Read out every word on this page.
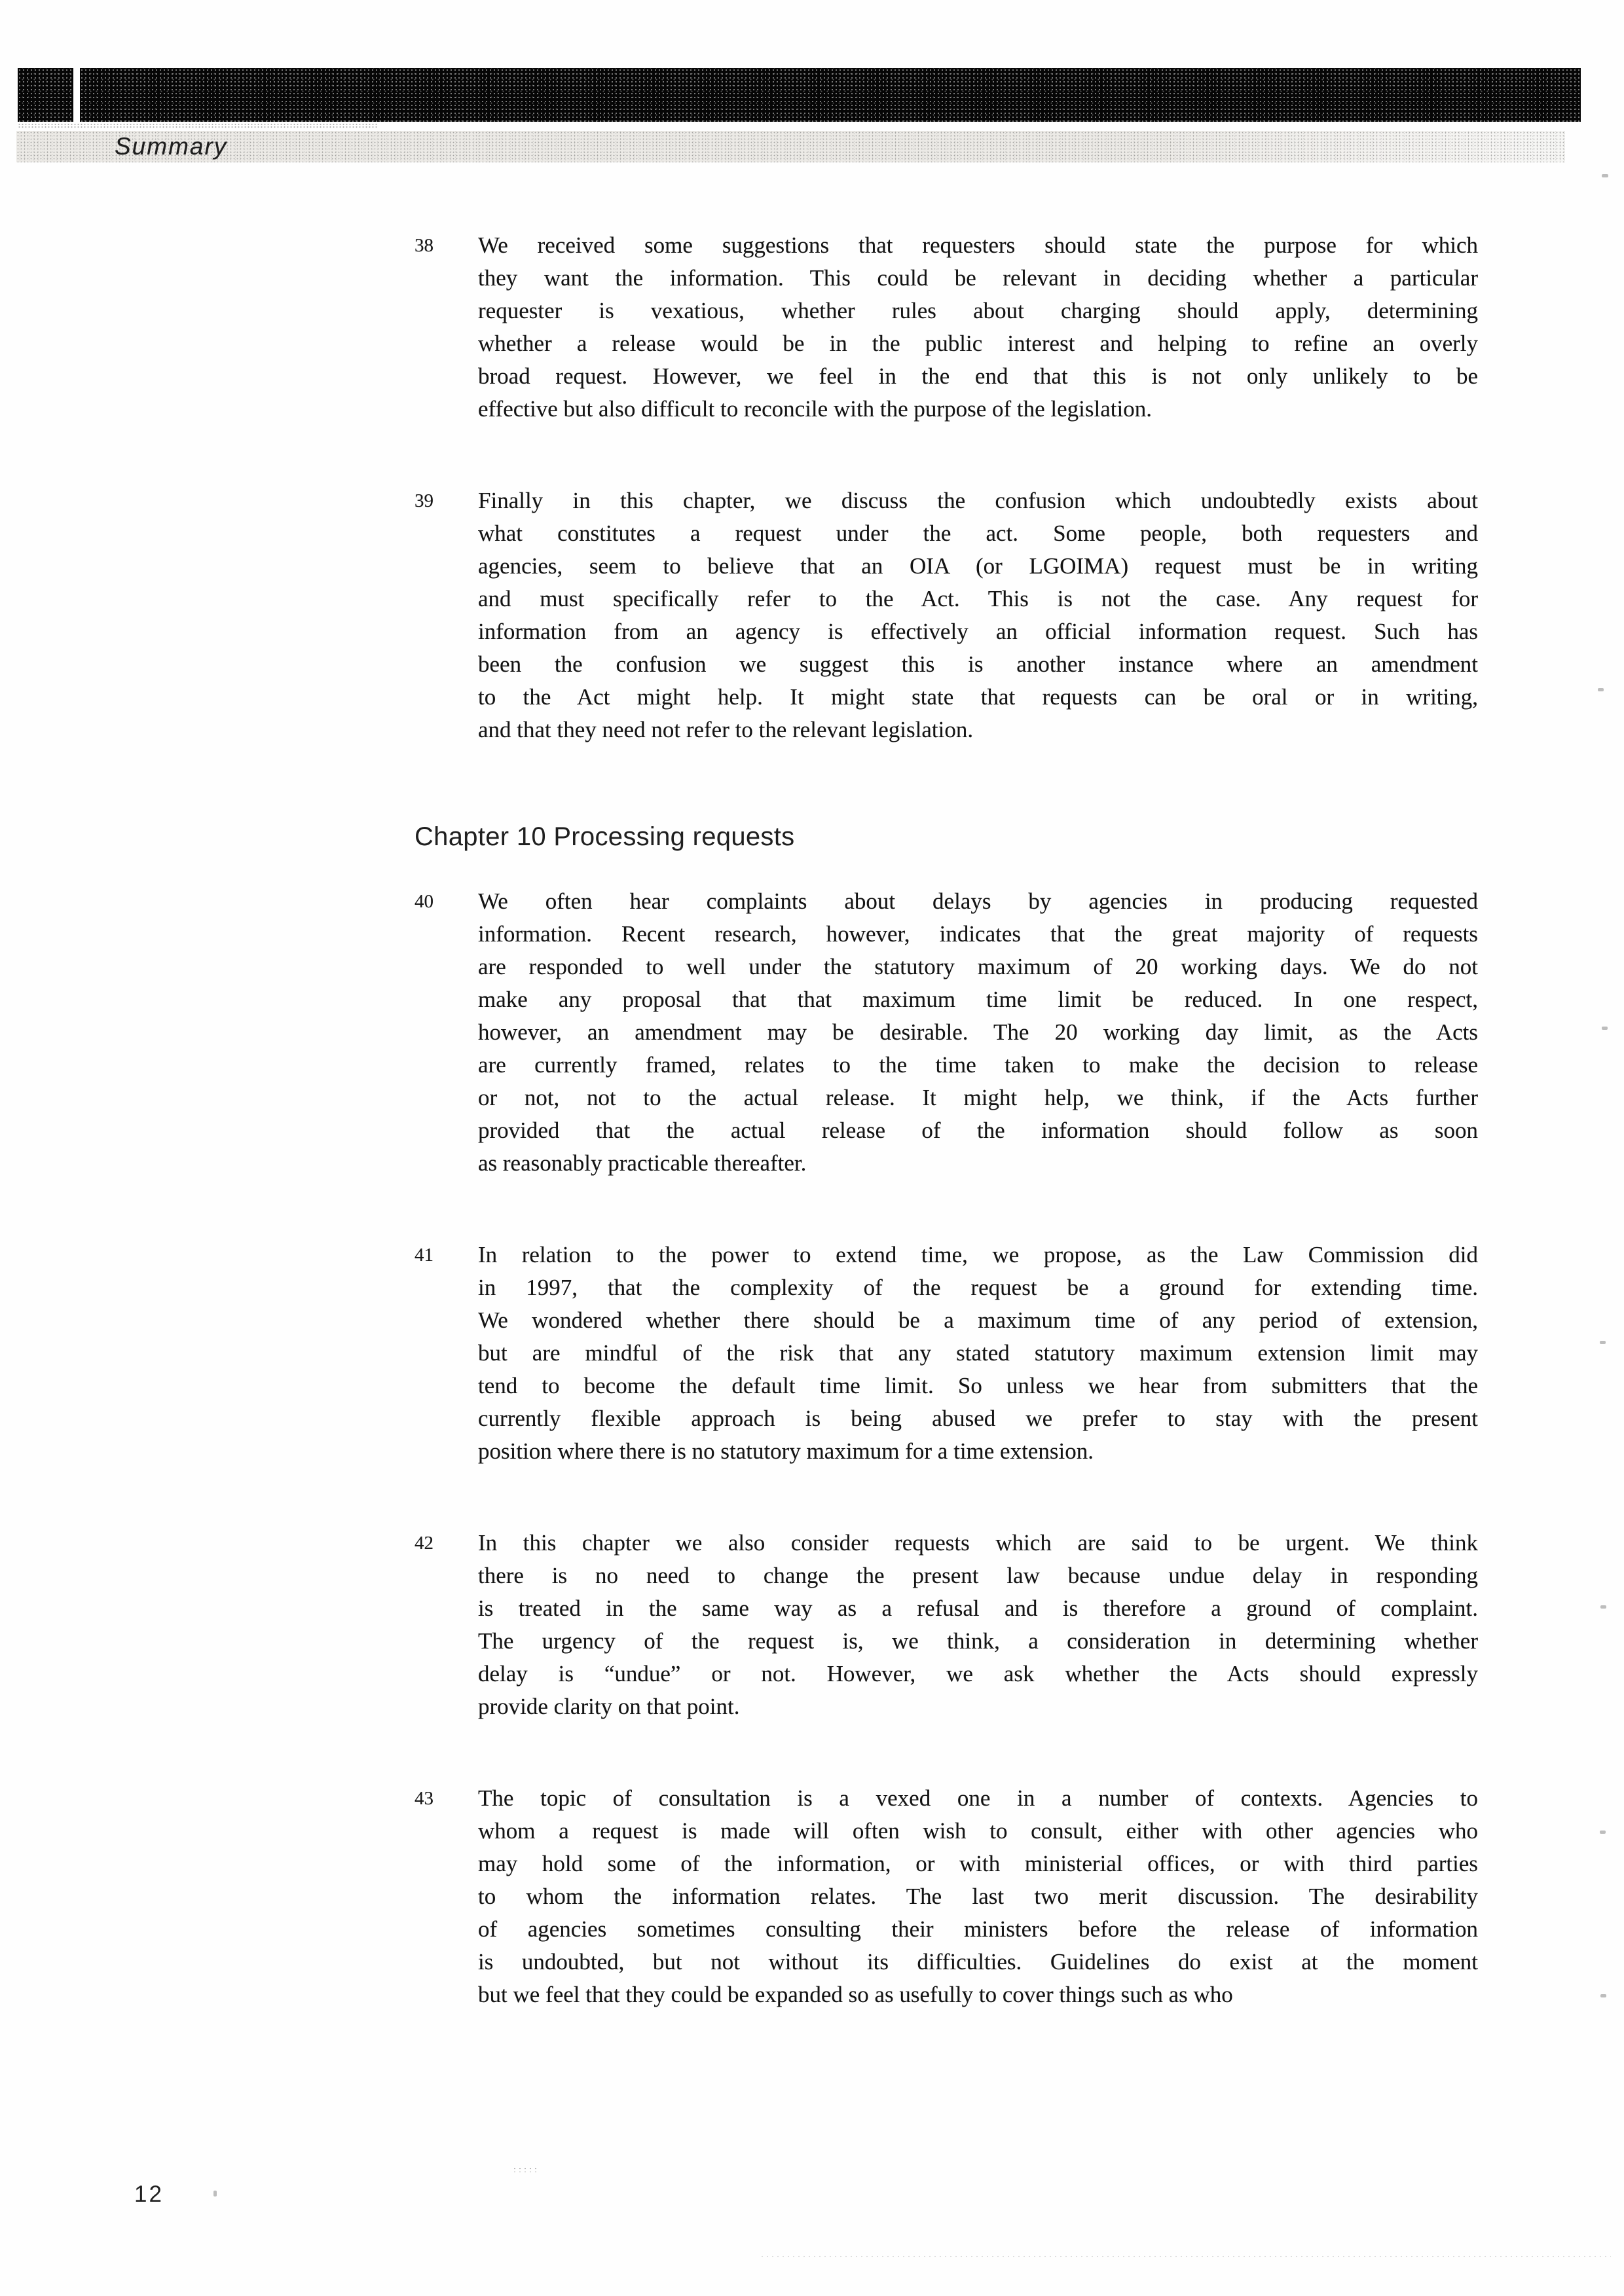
Summary
38	We received some suggestions that requesters should state the purpose for which
they want the information. This could be relevant in deciding whether a particular
requester is vexatious, whether rules about charging should apply, determining
whether a release would be in the public interest and helping to refine an overly
broad request. However, we feel in the end that this is not only unlikely to be
effective but also difficult to reconcile with the purpose of the legislation.
39	Finally in this chapter, we discuss the confusion which undoubtedly exists about
what constitutes a request under the act. Some people, both requesters and
agencies, seem to believe that an OIA (or LGOIMA) request must be in writing
and must specifically refer to the Act. This is not the case. Any request for
information from an agency is effectively an official information request. Such has
been the confusion we suggest this is another instance where an amendment
to the Act might help. It might state that requests can be oral or in writing,
and that they need not refer to the relevant legislation.
Chapter 10 Processing requests
40	We often hear complaints about delays by agencies in producing requested
information. Recent research, however, indicates that the great majority of requests
are responded to well under the statutory maximum of 20 working days. We do not
make any proposal that that maximum time limit be reduced. In one respect,
however, an amendment may be desirable. The 20 working day limit, as the Acts
are currently framed, relates to the time taken to make the decision to release
or not, not to the actual release. It might help, we think, if the Acts further
provided that the actual release of the information should follow as soon
as reasonably practicable thereafter.
41	In relation to the power to extend time, we propose, as the Law Commission did
in 1997, that the complexity of the request be a ground for extending time.
We wondered whether there should be a maximum time of any period of extension,
but are mindful of the risk that any stated statutory maximum extension limit may
tend to become the default time limit. So unless we hear from submitters that the
currently flexible approach is being abused we prefer to stay with the present
position where there is no statutory maximum for a time extension.
42	In this chapter we also consider requests which are said to be urgent. We think
there is no need to change the present law because undue delay in responding
is treated in the same way as a refusal and is therefore a ground of complaint.
The urgency of the request is, we think, a consideration in determining whether
delay is “undue” or not. However, we ask whether the Acts should expressly
provide clarity on that point.
43	The topic of consultation is a vexed one in a number of contexts. Agencies to
whom a request is made will often wish to consult, either with other agencies who
may hold some of the information, or with ministerial offices, or with third parties
to whom the information relates. The last two merit discussion. The desirability
of agencies sometimes consulting their ministers before the release of information
is undoubted, but not without its difficulties. Guidelines do exist at the moment
but we feel that they could be expanded so as usefully to cover things such as who
12
